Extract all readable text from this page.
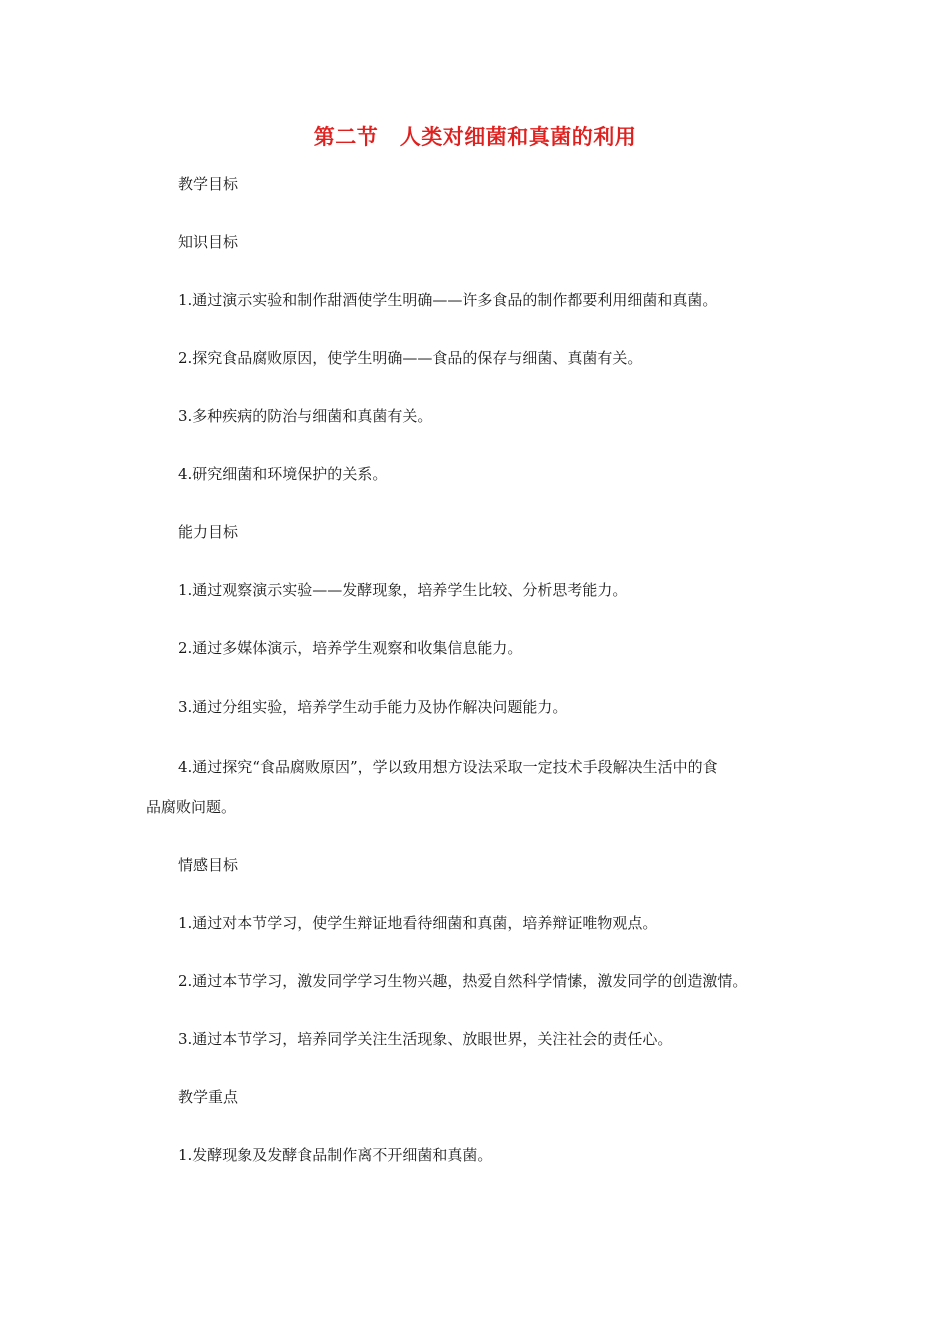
第二节　人类对细菌和真菌的利用
教学目标
知识目标
1.通过演示实验和制作甜酒使学生明确——许多食品的制作都要利用细菌和真菌。
2.探究食品腐败原因，使学生明确——食品的保存与细菌、真菌有关。
3.多种疾病的防治与细菌和真菌有关。
4.研究细菌和环境保护的关系。
能力目标
1.通过观察演示实验——发酵现象，培养学生比较、分析思考能力。
2.通过多媒体演示，培养学生观察和收集信息能力。
3.通过分组实验，培养学生动手能力及协作解决问题能力。
4.通过探究“食品腐败原因”，学以致用想方设法采取一定技术手段解决生活中的食
品腐败问题。
情感目标
1.通过对本节学习，使学生辩证地看待细菌和真菌，培养辩证唯物观点。
2.通过本节学习，激发同学学习生物兴趣，热爱自然科学情愫，激发同学的创造激情。
3.通过本节学习，培养同学关注生活现象、放眼世界，关注社会的责任心。
教学重点
1.发酵现象及发酵食品制作离不开细菌和真菌。
